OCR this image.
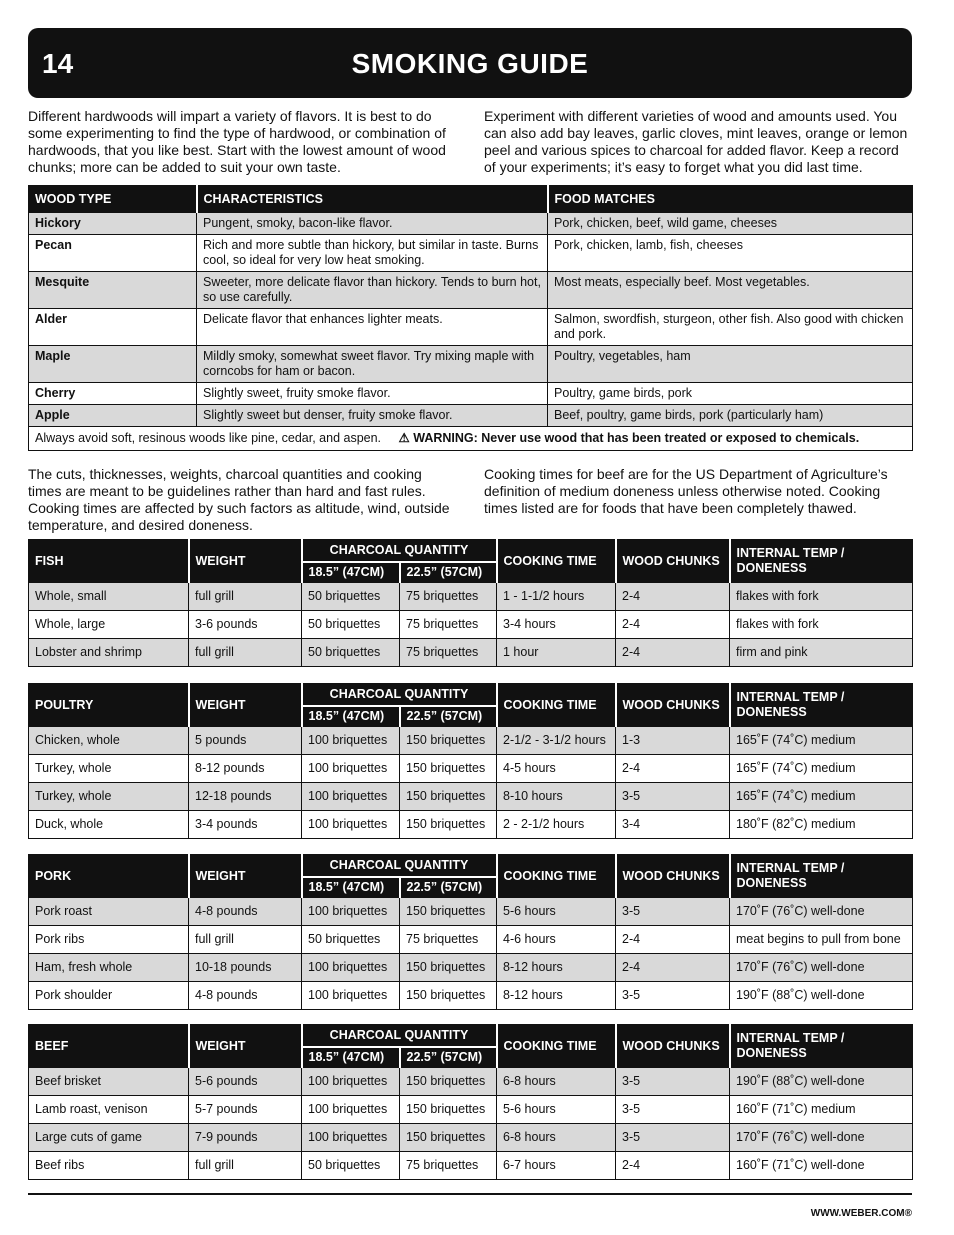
14	SMOKING GUIDE

Different hardwoods will impart a variety of flavors. It is best to do some experimenting to find the type of hardwood, or combination of hardwoods, that you like best. Start with the lowest amount of wood chunks; more can be added to suit your own taste.

Experiment with different varieties of wood and amounts used. You can also add bay leaves, garlic cloves, mint leaves, orange or lemon peel and various spices to charcoal for added flavor. Keep a record of your experiments; it’s easy to forget what you did last time.

WOOD TYPE	CHARACTERISTICS	FOOD MATCHES
Hickory	Pungent, smoky, bacon-like flavor.	Pork, chicken, beef, wild game, cheeses
Pecan	Rich and more subtle than hickory, but similar in taste. Burns cool, so ideal for very low heat smoking.	Pork, chicken, lamb, fish, cheeses
Mesquite	Sweeter, more delicate flavor than hickory. Tends to burn hot, so use carefully.	Most meats, especially beef. Most vegetables.
Alder	Delicate flavor that enhances lighter meats.	Salmon, swordfish, sturgeon, other fish. Also good with chicken and pork.
Maple	Mildly smoky, somewhat sweet flavor. Try mixing maple with corncobs for ham or bacon.	Poultry, vegetables, ham
Cherry	Slightly sweet, fruity smoke flavor.	Poultry, game birds, pork
Apple	Slightly sweet but denser, fruity smoke flavor.	Beef, poultry, game birds, pork (particularly ham)
Always avoid soft, resinous woods like pine, cedar, and aspen. ⚠ WARNING: Never use wood that has been treated or exposed to chemicals.		

The cuts, thicknesses, weights, charcoal quantities and cooking times are meant to be guidelines rather than hard and fast rules. Cooking times are affected by such factors as altitude, wind, outside temperature, and desired doneness.

Cooking times for beef are for the US Department of Agriculture’s definition of medium doneness unless otherwise noted. Cooking times listed are for foods that have been completely thawed.

FISH	WEIGHT	CHARCOAL QUANTITY		COOKING TIME	WOOD CHUNKS	INTERNAL TEMP / DONENESS
		18.5” (47CM)	22.5” (57CM)			
Whole, small	full grill	50 briquettes	75 briquettes	1 - 1-1/2 hours	2-4	flakes with fork
Whole, large	3-6 pounds	50 briquettes	75 briquettes	3-4 hours	2-4	flakes with fork
Lobster and shrimp	full grill	50 briquettes	75 briquettes	1 hour	2-4	firm and pink
POULTRY	WEIGHT	CHARCOAL QUANTITY		COOKING TIME	WOOD CHUNKS	INTERNAL TEMP / DONENESS
		18.5” (47CM)	22.5” (57CM)			
Chicken, whole	5 pounds	100 briquettes	150 briquettes	2-1/2 - 3-1/2 hours	1-3	165˚F (74˚C) medium
Turkey, whole	8-12 pounds	100 briquettes	150 briquettes	4-5 hours	2-4	165˚F (74˚C) medium
Turkey, whole	12-18 pounds	100 briquettes	150 briquettes	8-10 hours	3-5	165˚F (74˚C) medium
Duck, whole	3-4 pounds	100 briquettes	150 briquettes	2 - 2-1/2 hours	3-4	180˚F (82˚C) medium
PORK	WEIGHT	CHARCOAL QUANTITY		COOKING TIME	WOOD CHUNKS	INTERNAL TEMP / DONENESS
		18.5” (47CM)	22.5” (57CM)			
Pork roast	4-8 pounds	100 briquettes	150 briquettes	5-6 hours	3-5	170˚F (76˚C) well-done
Pork ribs	full grill	50 briquettes	75 briquettes	4-6 hours	2-4	meat begins to pull from bone
Ham, fresh whole	10-18 pounds	100 briquettes	150 briquettes	8-12 hours	2-4	170˚F (76˚C) well-done
Pork shoulder	4-8 pounds	100 briquettes	150 briquettes	8-12 hours	3-5	190˚F (88˚C) well-done
BEEF	WEIGHT	CHARCOAL QUANTITY		COOKING TIME	WOOD CHUNKS	INTERNAL TEMP / DONENESS
		18.5” (47CM)	22.5” (57CM)			
Beef brisket	5-6 pounds	100 briquettes	150 briquettes	6-8 hours	3-5	190˚F (88˚C) well-done
Lamb roast, venison	5-7 pounds	100 briquettes	150 briquettes	5-6 hours	3-5	160˚F (71˚C) medium
Large cuts of game	7-9 pounds	100 briquettes	150 briquettes	6-8 hours	3-5	170˚F (76˚C) well-done
Beef ribs	full grill	50 briquettes	75 briquettes	6-7 hours	2-4	160˚F (71˚C) well-done
WWW.WEBER.COM®
